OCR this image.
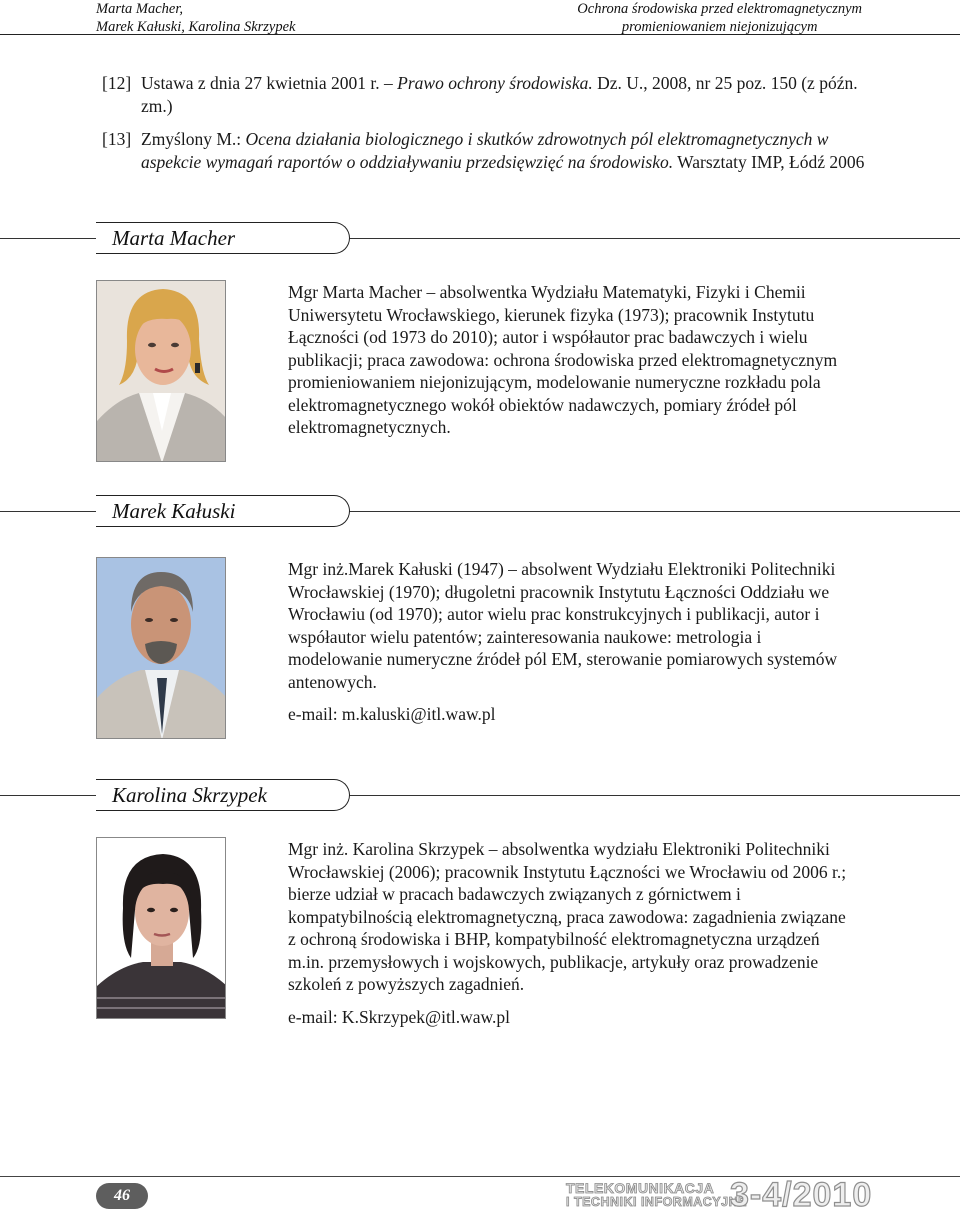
Marta Macher,
Marek Kałuski, Karolina Skrzypek
Ochrona środowiska przed elektromagnetycznym
promieniowaniem niejonizującym
[12] Ustawa z dnia 27 kwietnia 2001 r. – Prawo ochrony środowiska. Dz. U., 2008, nr 25 poz. 150 (z późn. zm.)
[13] Zmyślony M.: Ocena działania biologicznego i skutków zdrowotnych pól elektromagnetycznych w aspekcie wymagań raportów o oddziaływaniu przedsięwzięć na środowisko. Warsztaty IMP, Łódź 2006
Marta Macher

Mgr Marta Macher – absolwentka Wydziału Matematyki, Fizyki i Chemii Uniwersytetu Wrocławskiego, kierunek fizyka (1973); pracownik Instytutu Łączności (od 1973 do 2010); autor i współautor prac badawczych i wielu publikacji; praca zawodowa: ochrona środowiska przed elektromagnetycznym promieniowaniem niejonizującym, modelowanie numeryczne rozkładu pola elektromagnetycznego wokół obiektów nadawczych, pomiary źródeł pól elektromagnetycznych.

Marek Kałuski

Mgr inż.Marek Kałuski (1947) – absolwent Wydziału Elektroniki Politechniki Wrocławskiej (1970); długoletni pracownik Instytutu Łączności Oddziału we Wrocławiu (od 1970); autor wielu prac konstrukcyjnych i publikacji, autor i współautor wielu patentów; zainteresowania naukowe: metrologia i modelowanie numeryczne źródeł pól EM, sterowanie pomiarowych systemów antenowych.

e-mail: m.kaluski@itl.waw.pl
Karolina Skrzypek

Mgr inż. Karolina Skrzypek – absolwentka wydziału Elektroniki Politechniki Wrocławskiej (2006); pracownik Instytutu Łączności we Wrocławiu od 2006 r.; bierze udział w pracach badawczych związanych z górnictwem i kompatybilnością elektromagnetyczną, praca zawodowa: zagadnienia związane z ochroną środowiska i BHP, kompatybilność elektromagnetyczna urządzeń m.in. przemysłowych i wojskowych, publikacje, artykuły oraz prowadzenie szkoleń z powyższych zagadnień.

e-mail: K.Skrzypek@itl.waw.pl
46	TELEKOMUNIKACJA
I TECHNIKI INFORMACYJNE
3-4/2010
